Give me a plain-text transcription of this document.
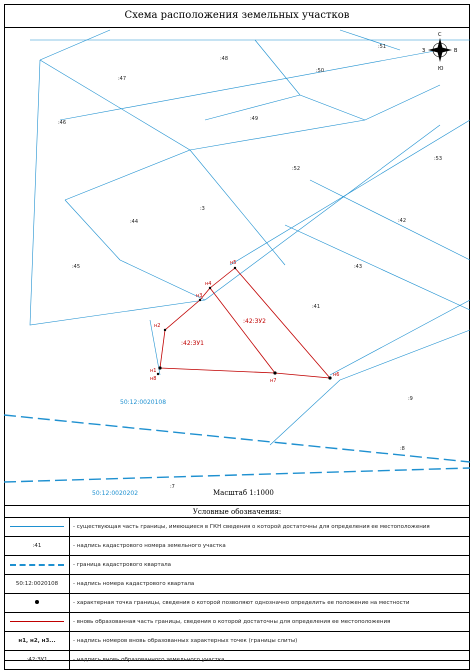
Схема расположения земельных участков
:47
:46
:48
:49
:50
:51
:44
:45
:52
:53
:41
:43
:42
:9
:7
:3
:8
:42:ЗУ1
:42:ЗУ2
н1
н2
н3
н4
н5
н6
н7
н8
50:12:0020108
50:12:0020202	Масштаб 1:1000
С
Ю
З	В
Условные обозначения:
	- существующая часть границы, имеющиеся в ГКН сведения о которой достаточны для определения ее местоположения
:41	- надпись кадастрового номера земельного участка
	- граница кадастрового квартала
50:12:0020108	- надпись номера кадастрового квартала
	- характерная точка границы, сведения о которой позволяют однозначно определить ее положение на местности
	- вновь образованная часть границы, сведения о которой достаточны для определения ее местоположения
н1, н2, н3...	- надпись номеров вновь образованных характерных точек (границы слиты)
:42:ЗУ1	- надпись вновь образованного земельного участка
